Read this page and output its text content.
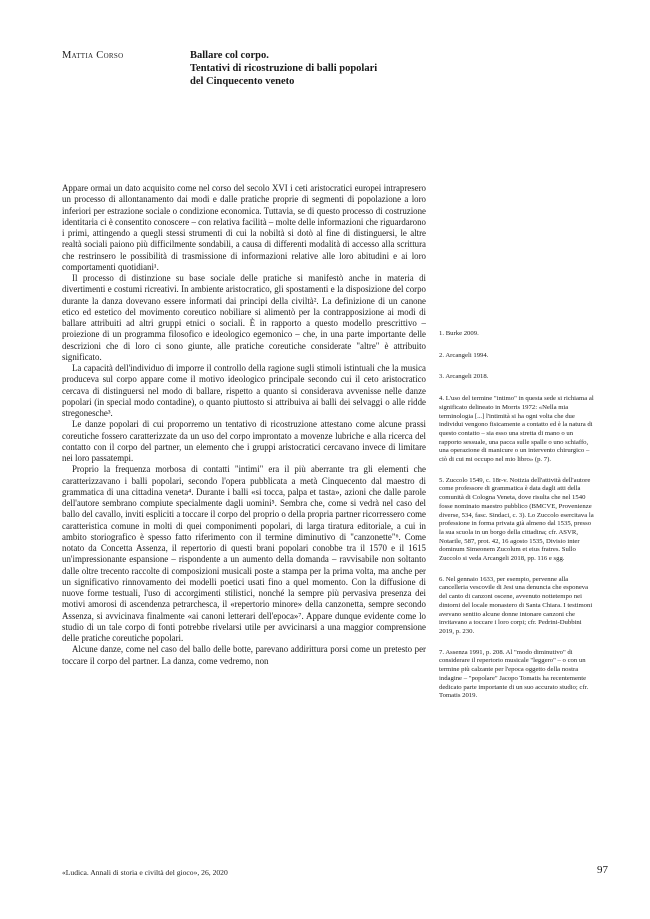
Mattia Corso	Ballare col corpo.
Tentativi di ricostruzione di balli popolari
del Cinquecento veneto

Appare ormai un dato acquisito come nel corso del secolo XVI i ceti aristocratici europei intrapresero un processo di allontanamento dai modi e dalle pratiche proprie di segmenti di popolazione a loro inferiori per estrazione sociale o condizione economica. Tuttavia, se di questo processo di costruzione identitaria ci è consentito conoscere – con relativa facilità – molte delle informazioni che riguardarono i primi, attingendo a quegli stessi strumenti di cui la nobiltà si dotò al fine di distinguersi, le altre realtà sociali paiono più difficilmente sondabili, a causa di differenti modalità di accesso alla scrittura che restrinsero le possibilità di trasmissione di informazioni relative alle loro abitudini e ai loro comportamenti quotidiani¹.

Il processo di distinzione su base sociale delle pratiche si manifestò anche in materia di divertimenti e costumi ricreativi. In ambiente aristocratico, gli spostamenti e la disposizione del corpo durante la danza dovevano essere informati dai principi della civiltà². La definizione di un canone etico ed estetico del movimento coreutico nobiliare si alimentò per la contrapposizione ai modi di ballare attribuiti ad altri gruppi etnici o sociali. È in rapporto a questo modello prescrittivo – proiezione di un programma filosofico e ideologico egemonico – che, in una parte importante delle descrizioni che di loro ci sono giunte, alle pratiche coreutiche considerate "altre" è attribuito significato.

La capacità dell'individuo di imporre il controllo della ragione sugli stimoli istintuali che la musica produceva sul corpo appare come il motivo ideologico principale secondo cui il ceto aristocratico cercava di distinguersi nel modo di ballare, rispetto a quanto si considerava avvenisse nelle danze popolari (in special modo contadine), o quanto piuttosto si attribuiva ai balli dei selvaggi o alle ridde stregonesche³.

Le danze popolari di cui proporremo un tentativo di ricostruzione attestano come alcune prassi coreutiche fossero caratterizzate da un uso del corpo improntato a movenze lubriche e alla ricerca del contatto con il corpo del partner, un elemento che i gruppi aristocratici cercavano invece di limitare nei loro passatempi.

Proprio la frequenza morbosa di contatti "intimi" era il più aberrante tra gli elementi che caratterizzavano i balli popolari, secondo l'opera pubblicata a metà Cinquecento dal maestro di grammatica di una cittadina veneta⁴. Durante i balli «si tocca, palpa et tasta», azioni che dalle parole dell'autore sembrano compiute specialmente dagli uomini⁵. Sembra che, come si vedrà nel caso del ballo del cavallo, inviti espliciti a toccare il corpo del proprio o della propria partner ricorressero come caratteristica comune in molti di quei componimenti popolari, di larga tiratura editoriale, a cui in ambito storiografico è spesso fatto riferimento con il termine diminutivo di "canzonette"⁶. Come notato da Concetta Assenza, il repertorio di questi brani popolari conobbe tra il 1570 e il 1615 un'impressionante espansione – rispondente a un aumento della domanda – ravvisabile non soltanto dalle oltre trecento raccolte di composizioni musicali poste a stampa per la prima volta, ma anche per un significativo rinnovamento dei modelli poetici usati fino a quel momento. Con la diffusione di nuove forme testuali, l'uso di accorgimenti stilistici, nonché la sempre più pervasiva presenza dei motivi amorosi di ascendenza petrarchesca, il «repertorio minore» della canzonetta, sempre secondo Assenza, si avvicinava finalmente «ai canoni letterari dell'epoca»⁷. Appare dunque evidente come lo studio di un tale corpo di fonti potrebbe rivelarsi utile per avvicinarsi a una maggior comprensione delle pratiche coreutiche popolari.

Alcune danze, come nel caso del ballo delle botte, parevano addirittura porsi come un pretesto per toccare il corpo del partner. La danza, come vedremo, non

1. Burke 2009.

2. Arcangeli 1994.

3. Arcangeli 2018.

4. L'uso del termine "intimo" in questa sede si richiama al significato delineato in Morris 1972: «Nella mia terminologia [...] l'intimità si ha ogni volta che due individui vengono fisicamente a contatto ed è la natura di questo contatto – sia esso una stretta di mano o un rapporto sessuale, una pacca sulle spalle o uno schiaffo, una operazione di manicure o un intervento chirurgico – ciò di cui mi occupo nel mio libro» (p. 7).

5. Zuccolo 1549, c. 18r-v. Notizia dell'attività dell'autore come professore di grammatica è data dagli atti della comunità di Cologna Veneta, dove risulta che nel 1540 fosse nominato maestro pubblico (BMCVE, Provenienze diverse, 534, fasc. Sindaci, c. 3). Lo Zuccolo esercitava la professione in forma privata già almeno dal 1535, presso la sua scuola in un borgo della cittadina; cfr. ASVR, Notarile, 587, prot. 42, 16 agosto 1535, Divisio inter dominum Simeonem Zucolum et eius fratres. Sullo Zuccolo si veda Arcangeli 2018, pp. 116 e sgg.

6. Nel gennaio 1633, per esempio, pervenne alla cancelleria vescovile di Jesi una denuncia che esponeva del canto di canzoni oscene, avvenuto nottetempo nei dintorni del locale monastero di Santa Chiara. I testimoni avevano sentito alcune donne intonare canzoni che invitavano a toccare i loro corpi; cfr. Pedrini-Dubbini 2019, p. 230.

7. Assenza 1991, p. 208. Al "modo diminutivo" di considerare il repertorio musicale "leggero" – o con un termine più calzante per l'epoca oggetto della nostra indagine – "popolare" Jacopo Tomatis ha recentemente dedicato parte importante di un suo accurato studio; cfr. Tomatis 2019.

«Ludica. Annali di storia e civiltà del gioco», 26, 2020	97
